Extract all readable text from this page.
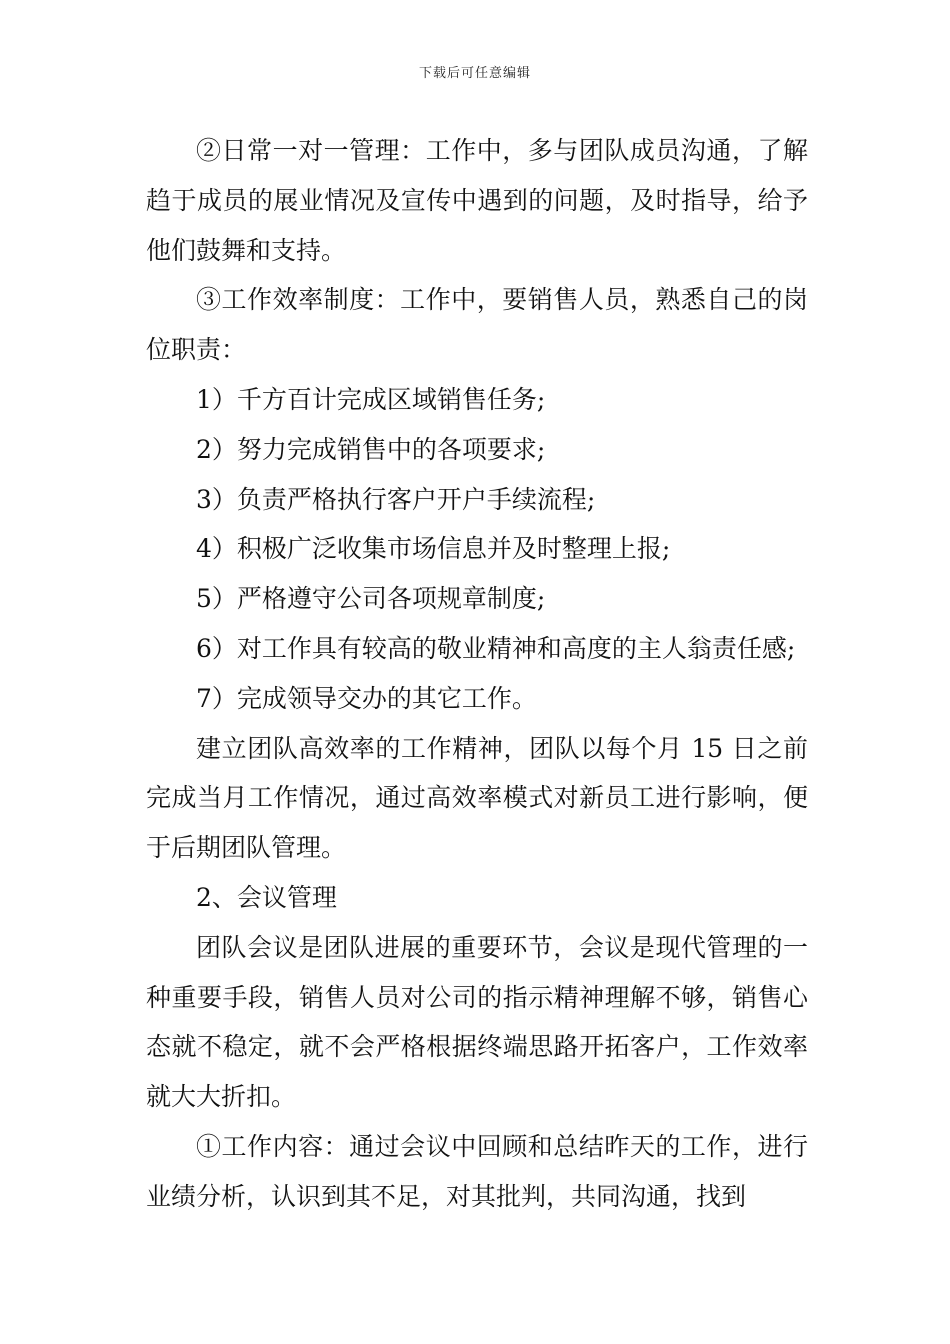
下载后可任意编辑

②日常一对一管理：工作中，多与团队成员沟通，了解趋于成员的展业情况及宣传中遇到的问题，及时指导，给予他们鼓舞和支持。

③工作效率制度：工作中，要销售人员，熟悉自己的岗位职责：

1）千方百计完成区域销售任务;

2）努力完成销售中的各项要求;

3）负责严格执行客户开户手续流程;

4）积极广泛收集市场信息并及时整理上报;

5）严格遵守公司各项规章制度;

6）对工作具有较高的敬业精神和高度的主人翁责任感;

7）完成领导交办的其它工作。

建立团队高效率的工作精神，团队以每个月 15 日之前完成当月工作情况，通过高效率模式对新员工进行影响，便于后期团队管理。

2、会议管理

团队会议是团队进展的重要环节，会议是现代管理的一种重要手段，销售人员对公司的指示精神理解不够，销售心态就不稳定，就不会严格根据终端思路开拓客户，工作效率就大大折扣。

①工作内容：通过会议中回顾和总结昨天的工作，进行业绩分析，认识到其不足，对其批判，共同沟通，找到
